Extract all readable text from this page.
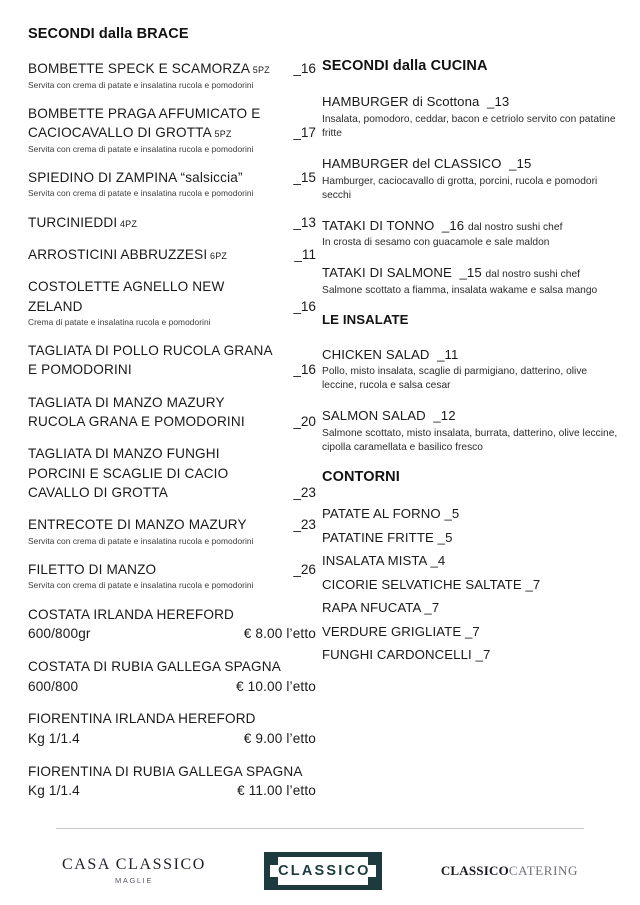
SECONDI dalla BRACE
BOMBETTE SPECK E SCAMORZA 5PZ	_16
Servita con crema di patate e insalatina rucola e pomodorini
BOMBETTE PRAGA AFFUMICATO E CACIOCAVALLO DI GROTTA 5PZ	_17
Servita con crema di patate e insalatina rucola e pomodorini
SPIEDINO DI ZAMPINA “salsiccia”	_15
Servita con crema di patate e insalatina rucola e pomodorini
TURCINIEDDI 4PZ	_13
ARROSTICINI ABBRUZZESI 6PZ	_11
COSTOLETTE AGNELLO NEW ZELAND	_16
Crema di patate e insalatina rucola e pomodorini
TAGLIATA DI POLLO RUCOLA GRANA E POMODORINI	_16
TAGLIATA DI MANZO MAZURY RUCOLA GRANA E POMODORINI	_20
TAGLIATA DI MANZO FUNGHI PORCINI E SCAGLIE DI CACIO CAVALLO DI GROTTA	_23
ENTRECOTE DI MANZO MAZURY	_23
Servita con crema di patate e insalatina rucola e pomodorini
FILETTO DI MANZO	_26
Servita con crema di patate e insalatina rucola e pomodorini
COSTATA IRLANDA HEREFORD
600/800gr	€ 8.00 l’etto
COSTATA DI RUBIA GALLEGA SPAGNA
600/800	€ 10.00 l’etto
FIORENTINA IRLANDA HEREFORD
Kg 1/1.4	€ 9.00 l’etto
FIORENTINA DI RUBIA GALLEGA SPAGNA
Kg 1/1.4	€ 11.00 l’etto
SECONDI dalla CUCINA
HAMBURGER di Scottona _13
Insalata, pomodoro, ceddar, bacon e cetriolo servito con patatine fritte
HAMBURGER del CLASSICO _15
Hamburger, caciocavallo di grotta, porcini, rucola e pomodori secchi
TATAKI DI TONNO _16 dal nostro sushi chef
In crosta di sesamo con guacamole e sale maldon
TATAKI DI SALMONE _15 dal nostro sushi chef
Salmone scottato a fiamma, insalata wakame e salsa mango
LE INSALATE
CHICKEN SALAD _11
Pollo, misto insalata, scaglie di parmigiano, datterino, olive leccine, rucola e salsa cesar
SALMON SALAD _12
Salmone scottato, misto insalata, burrata, datterino, olive leccine, cipolla caramellata e basilico fresco
CONTORNI
PATATE AL FORNO _5
PATATINE FRITTE _5
INSALATA MISTA _4
CICORIE SELVATICHE SALTATE _7
RAPA NFUCATA _7
VERDURE GRIGLIATE _7
FUNGHI CARDONCELLI _7
CASA CLASSICO
MAGLIE
CLASSICO	CLASSICOCATERING
